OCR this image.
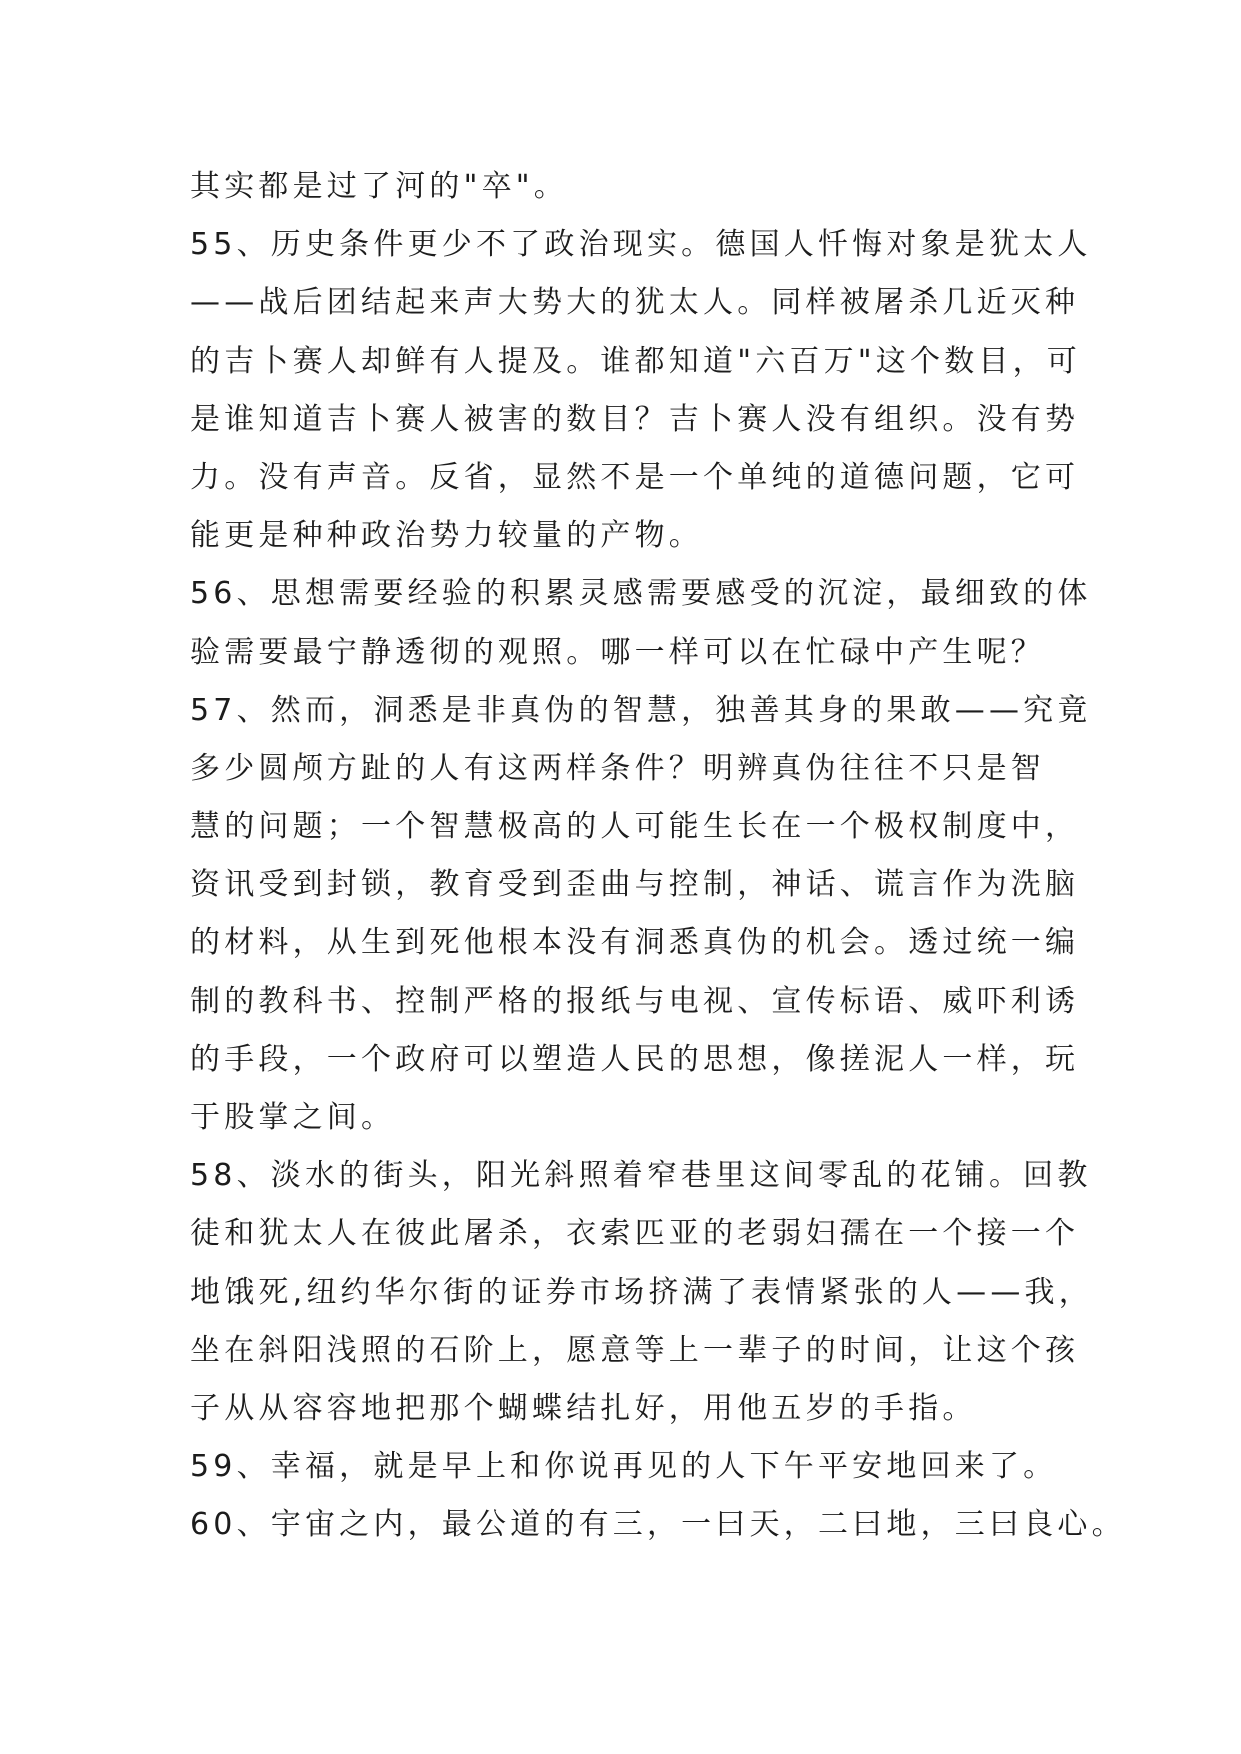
其实都是过了河的"卒"。
55、历史条件更少不了政治现实。德国人忏悔对象是犹太人
——战后团结起来声大势大的犹太人。同样被屠杀几近灭种
的吉卜赛人却鲜有人提及。谁都知道"六百万"这个数目，可
是谁知道吉卜赛人被害的数目？吉卜赛人没有组织。没有势
力。没有声音。反省，显然不是一个单纯的道德问题，它可
能更是种种政治势力较量的产物。
56、思想需要经验的积累灵感需要感受的沉淀，最细致的体
验需要最宁静透彻的观照。哪一样可以在忙碌中产生呢？
57、然而，洞悉是非真伪的智慧，独善其身的果敢——究竟
多少圆颅方趾的人有这两样条件？明辨真伪往往不只是智
慧的问题；一个智慧极高的人可能生长在一个极权制度中，
资讯受到封锁，教育受到歪曲与控制，神话、谎言作为洗脑
的材料，从生到死他根本没有洞悉真伪的机会。透过统一编
制的教科书、控制严格的报纸与电视、宣传标语、威吓利诱
的手段，一个政府可以塑造人民的思想，像搓泥人一样，玩
于股掌之间。
58、淡水的街头，阳光斜照着窄巷里这间零乱的花铺。回教
徒和犹太人在彼此屠杀，衣索匹亚的老弱妇孺在一个接一个
地饿死,纽约华尔街的证券市场挤满了表情紧张的人——我，
坐在斜阳浅照的石阶上，愿意等上一辈子的时间，让这个孩
子从从容容地把那个蝴蝶结扎好，用他五岁的手指。
59、幸福，就是早上和你说再见的人下午平安地回来了。
60、宇宙之内，最公道的有三，一曰天，二曰地，三曰良心。
